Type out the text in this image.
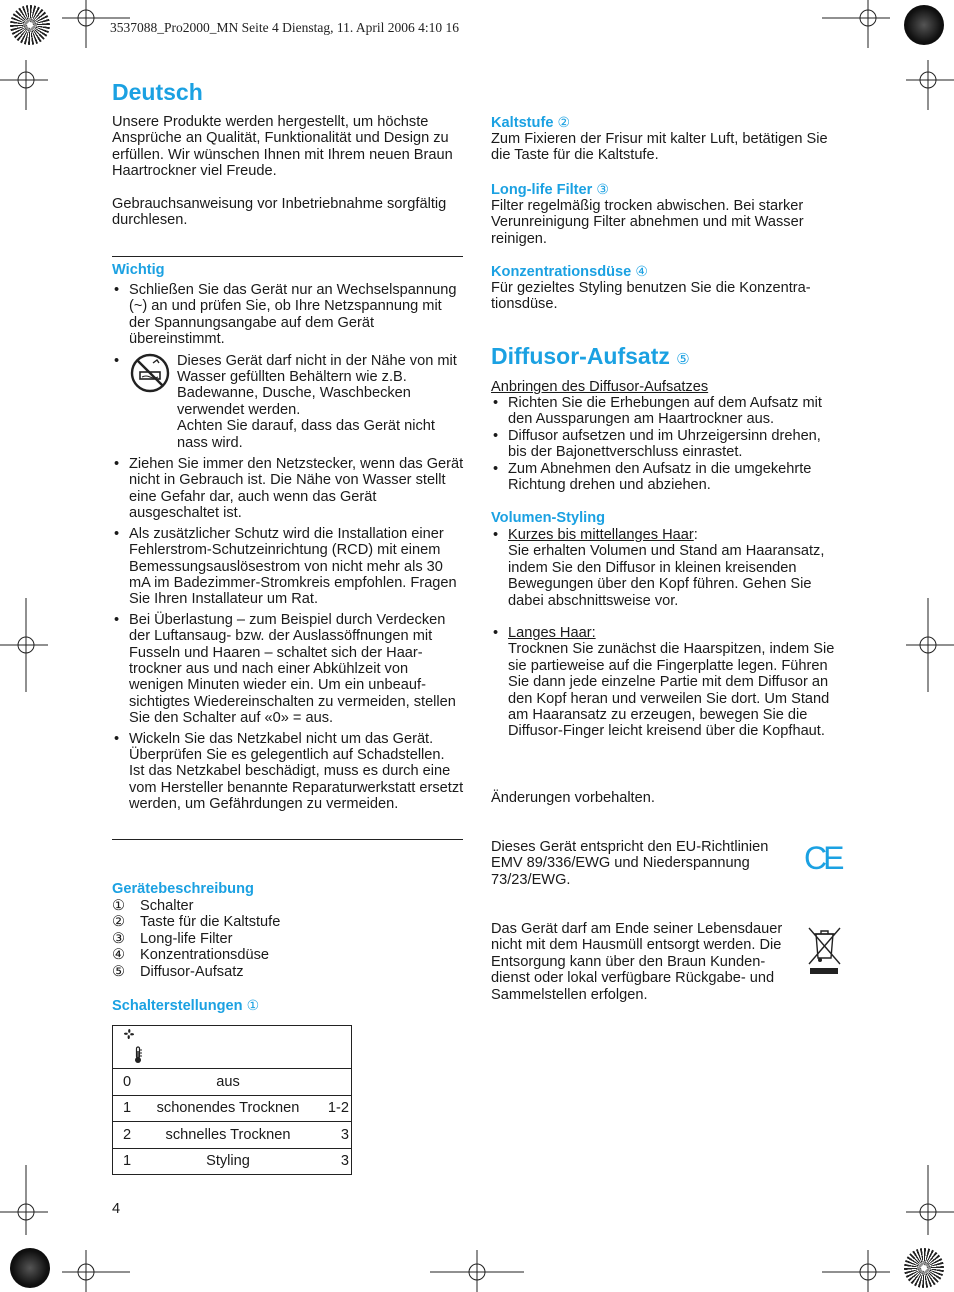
3537088_Pro2000_MN Seite 4 Dienstag, 11. April 2006 4:10 16
Deutsch
Unsere Produkte werden hergestellt, um höchste Ansprüche an Qualität, Funktionalität und Design zu erfüllen. Wir wünschen Ihnen mit Ihrem neuen Braun Haartrockner viel Freude.
Gebrauchsanweisung vor Inbetriebnahme sorgfältig durchlesen.
Wichtig
• Schließen Sie das Gerät nur an Wechselspannung (~) an und prüfen Sie, ob Ihre Netzspannung mit der Spannungsangabe auf dem Gerät übereinstimmt.
• Dieses Gerät darf nicht in der Nähe von mit Wasser gefüllten Behältern wie z.B. Badewanne, Dusche, Waschbecken verwendet werden.
Achten Sie darauf, dass das Gerät nicht nass wird.
• Ziehen Sie immer den Netzstecker, wenn das Gerät nicht in Gebrauch ist. Die Nähe von Wasser stellt eine Gefahr dar, auch wenn das Gerät ausgeschaltet ist.
• Als zusätzlicher Schutz wird die Installation einer Fehlerstrom-Schutzeinrichtung (RCD) mit einem Bemessungsauslösestrom von nicht mehr als 30 mA im Badezimmer-Stromkreis empfohlen. Fragen Sie Ihren Installateur um Rat.
• Bei Überlastung – zum Beispiel durch Verdecken der Luftansaug- bzw. der Auslassöffnungen mit Fusseln und Haaren – schaltet sich der Haartrockner aus und nach einer Abkühlzeit von wenigen Minuten wieder ein. Um ein unbeaufsichtigtes Wiedereinschalten zu vermeiden, stellen Sie den Schalter auf «0» = aus.
• Wickeln Sie das Netzkabel nicht um das Gerät. Überprüfen Sie es gelegentlich auf Schadstellen. Ist das Netzkabel beschädigt, muss es durch eine vom Hersteller benannte Reparaturwerkstatt ersetzt werden, um Gefährdungen zu vermeiden.
Gerätebeschreibung
① Schalter
② Taste für die Kaltstufe
③ Long-life Filter
④ Konzentrationsdüse
⑤ Diffusor-Aufsatz
Schalterstellungen ①

0	aus
1 schonendes Trocknen 1-2
2 schnelles Trocknen	3
1	Styling	3
4
Kaltstufe ②
Zum Fixieren der Frisur mit kalter Luft, betätigen Sie die Taste für die Kaltstufe.
Long-life Filter ③
Filter regelmäßig trocken abwischen. Bei starker Verunreinigung Filter abnehmen und mit Wasser reinigen.
Konzentrationsdüse ④
Für gezieltes Styling benutzen Sie die Konzentrationsdüse.
Diffusor-Aufsatz ⑤
Anbringen des Diffusor-Aufsatzes
• Richten Sie die Erhebungen auf dem Aufsatz mit den Aussparungen am Haartrockner aus.
• Diffusor aufsetzen und im Uhrzeigersinn drehen, bis der Bajonettverschluss einrastet.
• Zum Abnehmen den Aufsatz in die umgekehrte Richtung drehen und abziehen.
Volumen-Styling
• Kurzes bis mittellanges Haar:
Sie erhalten Volumen und Stand am Haaransatz, indem Sie den Diffusor in kleinen kreisenden Bewegungen über den Kopf führen. Gehen Sie dabei abschnittsweise vor.
• Langes Haar:
Trocknen Sie zunächst die Haarspitzen, indem Sie sie partieweise auf die Fingerplatte legen. Führen Sie dann jede einzelne Partie mit dem Diffusor an den Kopf heran und verweilen Sie dort. Um Stand am Haaransatz zu erzeugen, bewegen Sie die Diffusor-Finger leicht kreisend über die Kopfhaut.
Änderungen vorbehalten.
Dieses Gerät entspricht den EU-Richtlinien EMV 89/336/EWG und Niederspannung 73/23/EWG.
CE
Das Gerät darf am Ende seiner Lebensdauer nicht mit dem Hausmüll entsorgt werden. Die Entsorgung kann über den Braun Kundendienst oder lokal verfügbare Rückgabe- und Sammelstellen erfolgen.
